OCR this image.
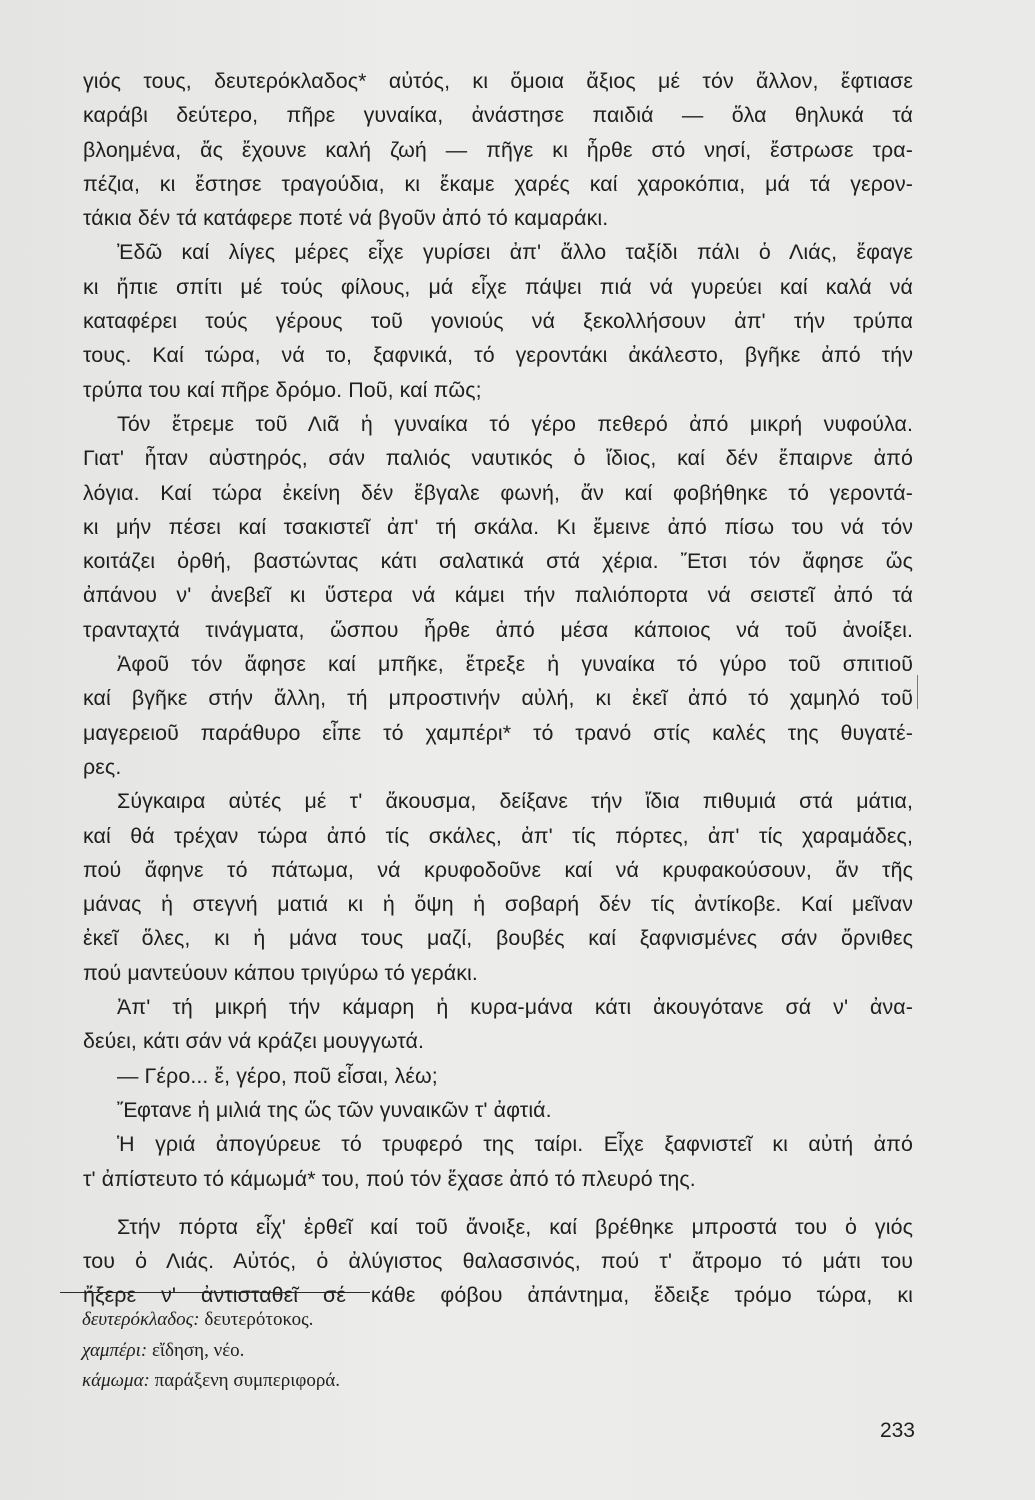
γιός τους, δευτερόκλαδος* αὐτός, κι ὅμοια ἄξιος μέ τόν ἄλλον, ἔφτιασε
καράβι δεύτερο, πῆρε γυναίκα, ἀνάστησε παιδιά — ὅλα θηλυκά τά
βλοημένα, ἄς ἔχουνε καλή ζωή — πῆγε κι ἦρθε στό νησί, ἔστρωσε τρα-
πέζια, κι ἔστησε τραγούδια, κι ἔκαμε χαρές καί χαροκόπια, μά τά γερον-
τάκια δέν τά κατάφερε ποτέ νά βγοῦν ἀπό τό καμαράκι.
Ἐδῶ καί λίγες μέρες εἶχε γυρίσει ἀπ' ἄλλο ταξίδι πάλι ὁ Λιάς, ἔφαγε
κι ἤπιε σπίτι μέ τούς φίλους, μά εἶχε πάψει πιά νά γυρεύει καί καλά νά
καταφέρει τούς γέρους τοῦ γονιούς νά ξεκολλήσουν ἀπ' τήν τρύπα
τους. Καί τώρα, νά το, ξαφνικά, τό γεροντάκι ἀκάλεστο, βγῆκε ἀπό τήν
τρύπα του καί πῆρε δρόμο. Ποῦ, καί πῶς;
Τόν ἔτρεμε τοῦ Λιᾶ ἡ γυναίκα τό γέρο πεθερό ἀπό μικρή νυφούλα.
Γιατ' ἦταν αὐστηρός, σάν παλιός ναυτικός ὁ ἴδιος, καί δέν ἔπαιρνε ἀπό
λόγια. Καί τώρα ἐκείνη δέν ἔβγαλε φωνή, ἄν καί φοβήθηκε τό γεροντά-
κι μήν πέσει καί τσακιστεῖ ἀπ' τή σκάλα. Κι ἔμεινε ἀπό πίσω του νά τόν
κοιτάζει ὀρθή, βαστώντας κάτι σαλατικά στά χέρια. Ἔτσι τόν ἄφησε ὥς
ἀπάνου ν' ἀνεβεῖ κι ὕστερα νά κάμει τήν παλιόπορτα νά σειστεῖ ἀπό τά
τρανταχτά τινάγματα, ὥσπου ἦρθε ἀπό μέσα κάποιος νά τοῦ ἀνοίξει.
Ἀφοῦ τόν ἄφησε καί μπῆκε, ἔτρεξε ἡ γυναίκα τό γύρο τοῦ σπιτιοῦ
καί βγῆκε στήν ἄλλη, τή μπροστινήν αὐλή, κι ἐκεῖ ἀπό τό χαμηλό τοῦ
μαγερειοῦ παράθυρο εἶπε τό χαμπέρι* τό τρανό στίς καλές της θυγατέ-
ρες.
Σύγκαιρα αὐτές μέ τ' ἄκουσμα, δείξανε τήν ἴδια πιθυμιά στά μάτια,
καί θά τρέχαν τώρα ἀπό τίς σκάλες, ἀπ' τίς πόρτες, ἀπ' τίς χαραμάδες,
πού ἄφηνε τό πάτωμα, νά κρυφοδοῦνε καί νά κρυφακούσουν, ἄν τῆς
μάνας ἡ στεγνή ματιά κι ἡ ὄψη ἡ σοβαρή δέν τίς ἀντίκοβε. Καί μεῖναν
ἐκεῖ ὅλες, κι ἡ μάνα τους μαζί, βουβές καί ξαφνισμένες σάν ὄρνιθες
πού μαντεύουν κάπου τριγύρω τό γεράκι.
Ἀπ' τή μικρή τήν κάμαρη ἡ κυρα-μάνα κάτι ἀκουγότανε σά ν' ἀνα-
δεύει, κάτι σάν νά κράζει μουγγωτά.
— Γέρο... ἔ, γέρο, ποῦ εἶσαι, λέω;
Ἔφτανε ἡ μιλιά της ὥς τῶν γυναικῶν τ' ἀφτιά.
Ἡ γριά ἀπογύρευε τό τρυφερό της ταίρι. Εἶχε ξαφνιστεῖ κι αὐτή ἀπό
τ' ἀπίστευτο τό κάμωμά* του, πού τόν ἔχασε ἀπό τό πλευρό της.
Στήν πόρτα εἶχ' ἐρθεῖ καί τοῦ ἄνοιξε, καί βρέθηκε μπροστά του ὁ γιός
του ὁ Λιάς. Αὐτός, ὁ ἀλύγιστος θαλασσινός, πού τ' ἄτρομο τό μάτι του
ἤξερε ν' ἀντισταθεῖ σέ κάθε φόβου ἀπάντημα, ἔδειξε τρόμο τώρα, κι
δευτερόκλαδος: δευτερότοκος.
χαμπέρι: εἴδηση, νέο.
κάμωμα: παράξενη συμπεριφορά.
233
